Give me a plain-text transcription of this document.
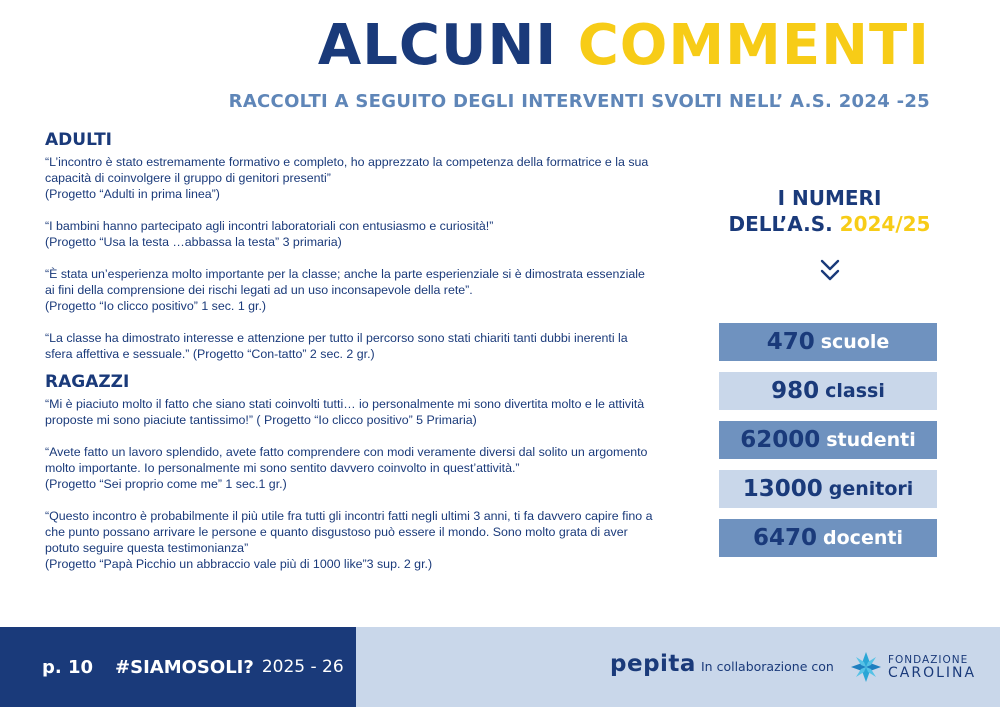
ALCUNI COMMENTI
RACCOLTI A SEGUITO DEGLI INTERVENTI SVOLTI NELL’ A.S. 2024 -25
ADULTI
“L’incontro è stato estremamente formativo e completo, ho apprezzato la competenza della formatrice e la sua capacità di coinvolgere il gruppo di genitori presenti”
(Progetto “Adulti in prima linea”)
“I bambini hanno partecipato agli incontri laboratoriali con entusiasmo e curiosità!”
(Progetto “Usa la testa …abbassa la testa” 3 primaria)
“È stata un’esperienza molto importante per la classe; anche la parte esperienziale si è dimostrata essenziale ai fini della comprensione dei rischi legati ad un uso inconsapevole della rete”.
(Progetto “Io clicco positivo” 1 sec. 1 gr.)
“La classe ha dimostrato interesse e attenzione per tutto il percorso sono stati chiariti tanti dubbi inerenti la sfera affettiva e sessuale.” (Progetto “Con-tatto” 2 sec. 2 gr.)
RAGAZZI
“Mi è piaciuto molto il fatto che siano stati coinvolti tutti… io personalmente mi sono divertita molto e le attività proposte mi sono piaciute tantissimo!” ( Progetto “Io clicco positivo” 5 Primaria)
“Avete fatto un lavoro splendido, avete fatto comprendere con modi veramente diversi dal solito un argomento molto importante. Io personalmente mi sono sentito davvero coinvolto in quest’attività.”
(Progetto “Sei proprio come me” 1 sec.1 gr.)
“Questo incontro è probabilmente il più utile fra tutti gli incontri fatti negli ultimi 3 anni, ti fa davvero capire fino a che punto possano arrivare le persone e quanto disgustoso può essere il mondo. Sono molto grata di aver potuto seguire questa testimonianza”
(Progetto “Papà Picchio un abbraccio vale più di 1000 like”3 sup. 2 gr.)
I NUMERI
DELL’A.S. 2024/25
470 scuole
980 classi
62000 studenti
13000 genitori
6470 docenti
p. 10 #SIAMOSOLI? 2025 - 26	pepita In collaborazione con	FONDAZIONE
CAROLINA
